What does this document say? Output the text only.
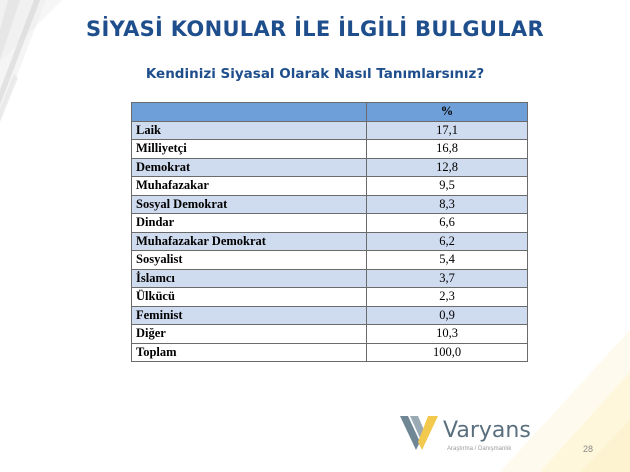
SİYASİ KONULAR İLE İLGİLİ BULGULAR
Kendinizi Siyasal Olarak Nasıl Tanımlarsınız?
	%
Laik	17,1
Milliyetçi	16,8
Demokrat	12,8
Muhafazakar	9,5
Sosyal Demokrat	8,3
Dindar	6,6
Muhafazakar Demokrat	6,2
Sosyalist	5,4
İslamcı	3,7
Ülkücü	2,3
Feminist	0,9
Diğer	10,3
Toplam	100,0
Varyans
Araştırma / Danışmanlık	28
